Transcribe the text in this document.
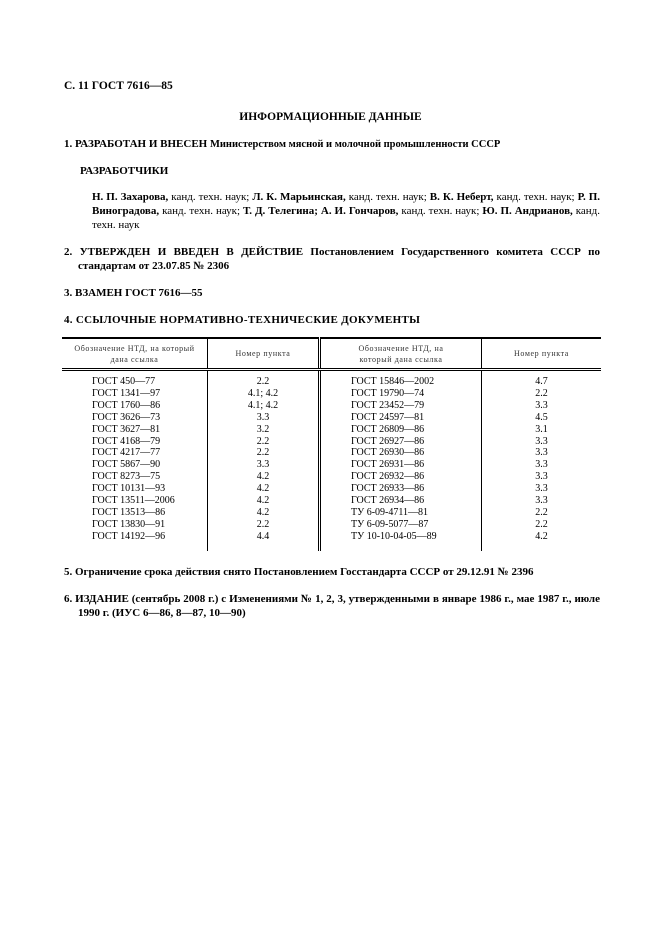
С. 11 ГОСТ 7616—85
ИНФОРМАЦИОННЫЕ ДАННЫЕ
1. РАЗРАБОТАН И ВНЕСЕН Министерством мясной и молочной промышленности СССР
РАЗРАБОТЧИКИ
Н. П. Захарова, канд. техн. наук; Л. К. Марьинская, канд. техн. наук; В. К. Неберт, канд. техн. наук; Р. П. Виноградова, канд. техн. наук; Т. Д. Телегина; А. И. Гончаров, канд. техн. наук; Ю. П. Андрианов, канд. техн. наук
2. УТВЕРЖДЕН И ВВЕДЕН В ДЕЙСТВИЕ Постановлением Государственного комитета СССР по стандартам от 23.07.85 № 2306
3. ВЗАМЕН ГОСТ 7616—55
4. ССЫЛОЧНЫЕ НОРМАТИВНО-ТЕХНИЧЕСКИЕ ДОКУМЕНТЫ
Обозначение НТД, на который дана ссылка	Номер пункта	Обозначение НТД, на который дана ссылка	Номер пункта
ГОСТ 450—77	2.2	ГОСТ 15846—2002	4.7
ГОСТ 1341—97	4.1; 4.2	ГОСТ 19790—74	2.2
ГОСТ 1760—86	4.1; 4.2	ГОСТ 23452—79	3.3
ГОСТ 3626—73	3.3	ГОСТ 24597—81	4.5
ГОСТ 3627—81	3.2	ГОСТ 26809—86	3.1
ГОСТ 4168—79	2.2	ГОСТ 26927—86	3.3
ГОСТ 4217—77	2.2	ГОСТ 26930—86	3.3
ГОСТ 5867—90	3.3	ГОСТ 26931—86	3.3
ГОСТ 8273—75	4.2	ГОСТ 26932—86	3.3
ГОСТ 10131—93	4.2	ГОСТ 26933—86	3.3
ГОСТ 13511—2006	4.2	ГОСТ 26934—86	3.3
ГОСТ 13513—86	4.2	ТУ 6-09-4711—81	2.2
ГОСТ 13830—91	2.2	ТУ 6-09-5077—87	2.2
ГОСТ 14192—96	4.4	ТУ 10-10-04-05—89	4.2
5. Ограничение срока действия снято Постановлением Госстандарта СССР от 29.12.91 № 2396
6. ИЗДАНИЕ (сентябрь 2008 г.) с Изменениями № 1, 2, 3, утвержденными в январе 1986 г., мае 1987 г., июле 1990 г. (ИУС 6—86, 8—87, 10—90)
